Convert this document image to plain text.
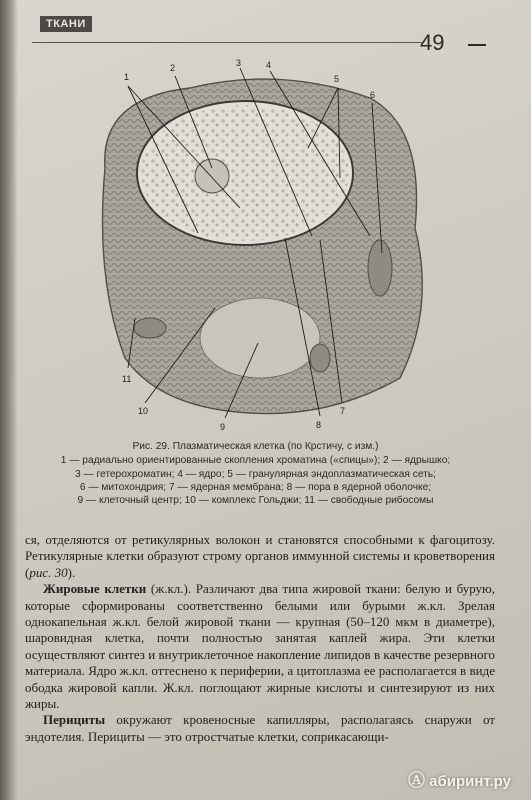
ТКАНИ
49
1
2	3	4
5
6
11
10
9	8
7
Рис. 29. Плазматическая клетка (по Крстичу, с изм.)
1 — радиально ориентированные скопления хроматина («спицы»); 2 — ядрышко;
3 — гетерохроматин; 4 — ядро; 5 — гранулярная эндоплазматическая сеть;
6 — митохондрия; 7 — ядерная мембрана; 8 — пора в ядерной оболочке;
9 — клеточный центр; 10 — комплекс Гольджи; 11 — свободные рибосомы

ся, отделяются от ретикулярных волокон и становятся способными к фагоцитозу. Ретикулярные клетки образуют строму органов иммунной системы и кроветворения (рис. 30).

Жировые клетки (ж.кл.). Различают два типа жировой ткани: белую и бурую, которые сформированы соответственно белыми или бурыми ж.кл. Зрелая однокапельная ж.кл. белой жировой ткани — крупная (50–120 мкм в диаметре), шаровидная клетка, почти полностью занятая каплей жира. Эти клетки осуществляют синтез и внутриклеточное накопление липидов в качестве резервного материала. Ядро ж.кл. оттеснено к периферии, а цитоплазма ее располагается в виде ободка жировой капли. Ж.кл. поглощают жирные кислоты и синтезируют из них жиры.

Перициты окружают кровеносные капилляры, располагаясь снаружи от эндотелия. Перициты — это отростчатые клетки, соприкасающи-

Ⓐ абиринт.ру
